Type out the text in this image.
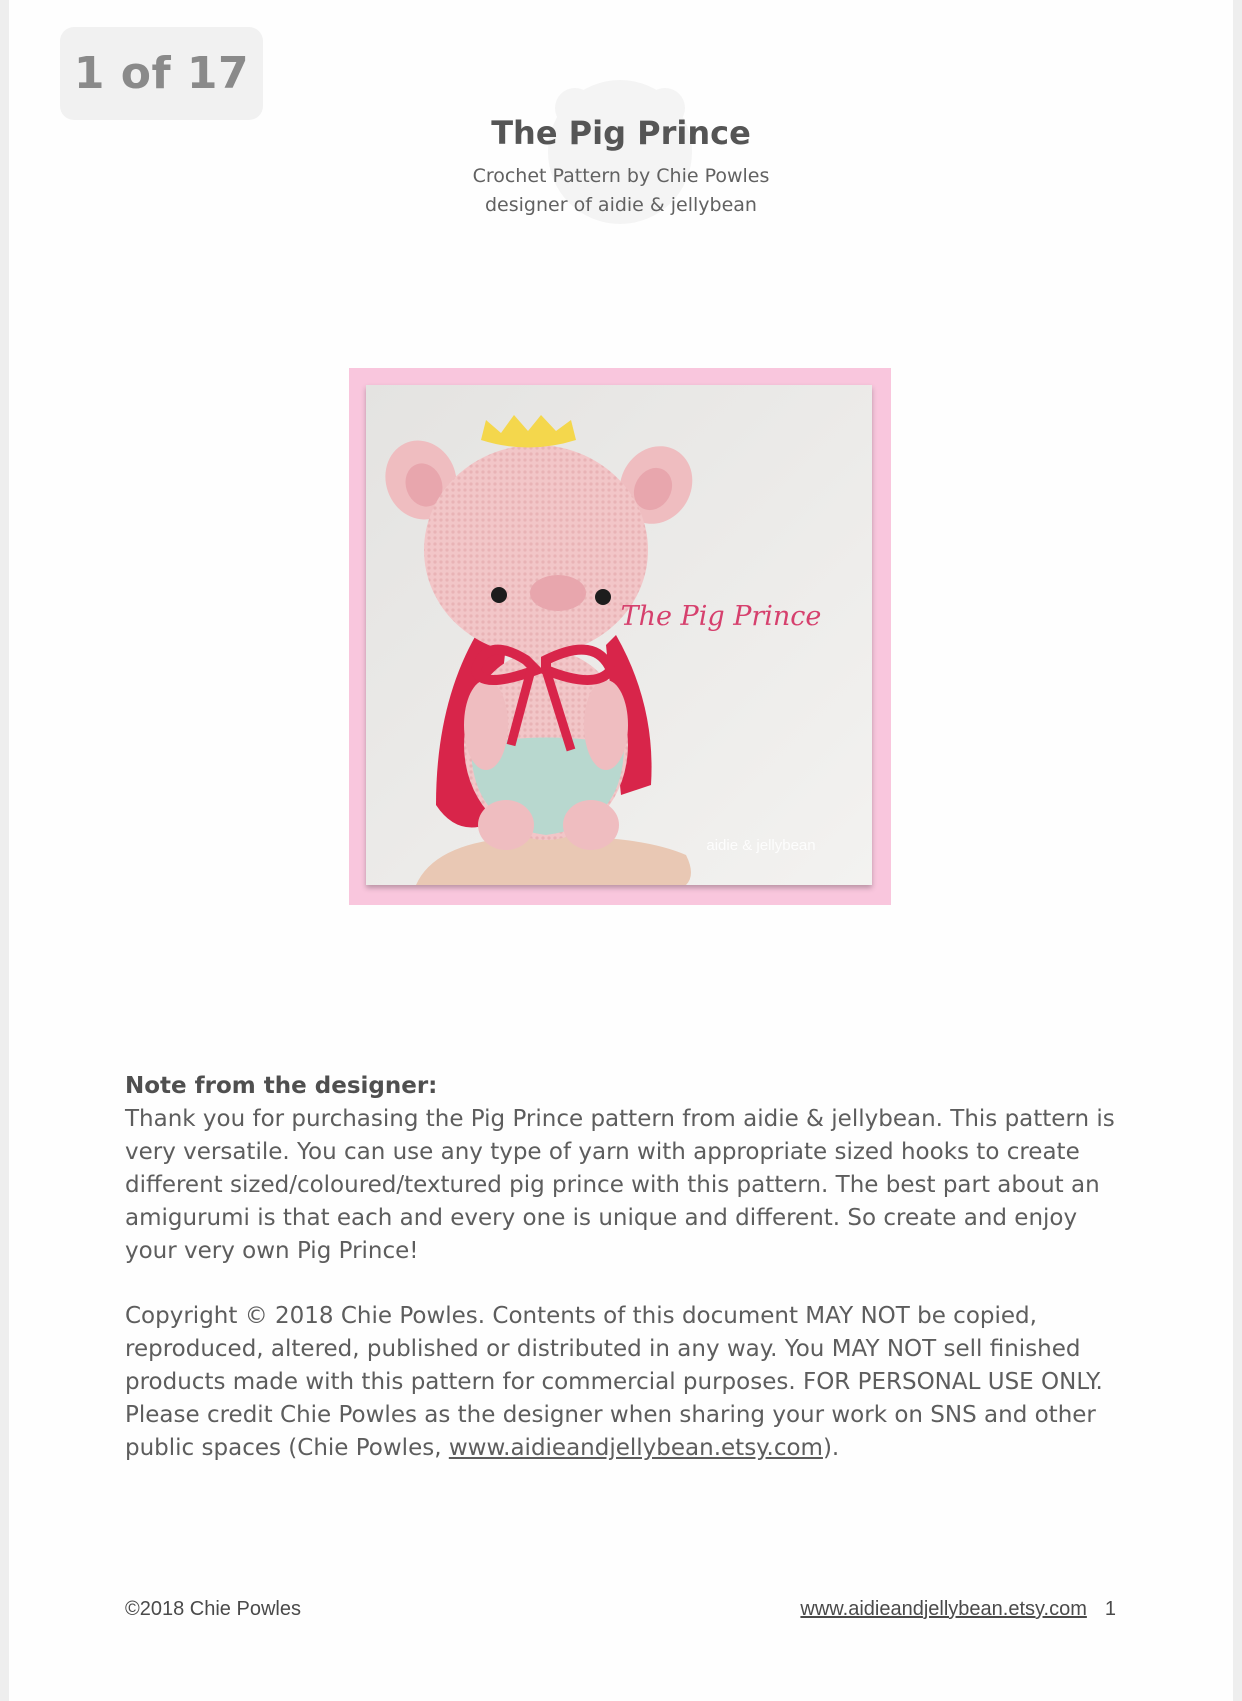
1 of 17
The Pig Prince
Crochet Pattern by Chie Powles
designer of aidie & jellybean
The Pig Prince
aidie & jellybean
Note from the designer:
Thank you for purchasing the Pig Prince pattern from aidie & jellybean. This pattern is very versatile. You can use any type of yarn with appropriate sized hooks to create different sized/coloured/textured pig prince with this pattern. The best part about an amigurumi is that each and every one is unique and different. So create and enjoy your very own Pig Prince!
Copyright © 2018 Chie Powles. Contents of this document MAY NOT be copied, reproduced, altered, published or distributed in any way. You MAY NOT sell finished products made with this pattern for commercial purposes. FOR PERSONAL USE ONLY. Please credit Chie Powles as the designer when sharing your work on SNS and other public spaces (Chie Powles, www.aidieandjellybean.etsy.com).
©2018 Chie Powles	www.aidieandjellybean.etsy.com 1
